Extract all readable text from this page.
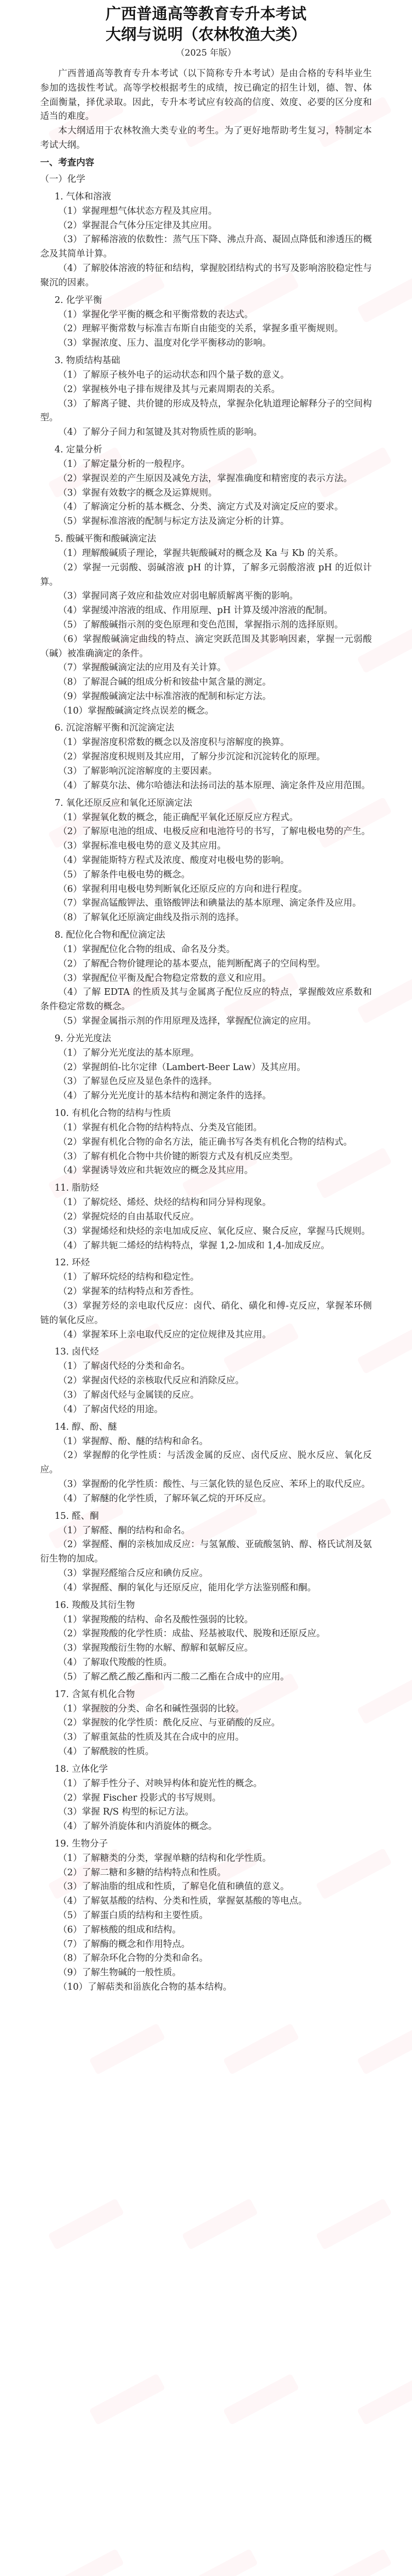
广西普通高等教育专升本考试
大纲与说明（农林牧渔大类）
（2025 年版）

广西普通高等教育专升本考试（以下简称专升本考试）是由合格的专科毕业生参加的选拔性考试。高等学校根据考生的成绩，按已确定的招生计划，德、智、体全面衡量，择优录取。因此，专升本考试应有较高的信度、效度、必要的区分度和适当的难度。

本大纲适用于农林牧渔大类专业的考生。为了更好地帮助考生复习，特制定本考试大纲。

一、考查内容
（一）化学
1. 气体和溶液

（1）掌握理想气体状态方程及其应用。

（2）掌握混合气体分压定律及其应用。

（3）了解稀溶液的依数性：蒸气压下降、沸点升高、凝固点降低和渗透压的概念及其简单计算。

（4）了解胶体溶液的特征和结构，掌握胶团结构式的书写及影响溶胶稳定性与聚沉的因素。

2. 化学平衡

（1）掌握化学平衡的概念和平衡常数的表达式。

（2）理解平衡常数与标准吉布斯自由能变的关系，掌握多重平衡规则。

（3）掌握浓度、压力、温度对化学平衡移动的影响。

3. 物质结构基础

（1）了解原子核外电子的运动状态和四个量子数的意义。

（2）掌握核外电子排布规律及其与元素周期表的关系。

（3）了解离子键、共价键的形成及特点，掌握杂化轨道理论解释分子的空间构型。

（4）了解分子间力和氢键及其对物质性质的影响。

4. 定量分析

（1）了解定量分析的一般程序。

（2）掌握误差的产生原因及减免方法，掌握准确度和精密度的表示方法。

（3）掌握有效数字的概念及运算规则。

（4）了解滴定分析的基本概念、分类、滴定方式及对滴定反应的要求。

（5）掌握标准溶液的配制与标定方法及滴定分析的计算。

5. 酸碱平衡和酸碱滴定法

（1）理解酸碱质子理论，掌握共轭酸碱对的概念及 Ka 与 Kb 的关系。

（2）掌握一元弱酸、弱碱溶液 pH 的计算，了解多元弱酸溶液 pH 的近似计算。

（3）掌握同离子效应和盐效应对弱电解质解离平衡的影响。

（4）掌握缓冲溶液的组成、作用原理、pH 计算及缓冲溶液的配制。

（5）了解酸碱指示剂的变色原理和变色范围，掌握指示剂的选择原则。

（6）掌握酸碱滴定曲线的特点、滴定突跃范围及其影响因素，掌握一元弱酸（碱）被准确滴定的条件。

（7）掌握酸碱滴定法的应用及有关计算。

（8）了解混合碱的组成分析和铵盐中氮含量的测定。

（9）掌握酸碱滴定法中标准溶液的配制和标定方法。

（10）掌握酸碱滴定终点误差的概念。

6. 沉淀溶解平衡和沉淀滴定法

（1）掌握溶度积常数的概念以及溶度积与溶解度的换算。

（2）掌握溶度积规则及其应用，了解分步沉淀和沉淀转化的原理。

（3）了解影响沉淀溶解度的主要因素。

（4）了解莫尔法、佛尔哈德法和法扬司法的基本原理、滴定条件及应用范围。

7. 氧化还原反应和氧化还原滴定法

（1）掌握氧化数的概念，能正确配平氧化还原反应方程式。

（2）了解原电池的组成、电极反应和电池符号的书写，了解电极电势的产生。

（3）掌握标准电极电势的意义及其应用。

（4）掌握能斯特方程式及浓度、酸度对电极电势的影响。

（5）了解条件电极电势的概念。

（6）掌握利用电极电势判断氧化还原反应的方向和进行程度。

（7）掌握高锰酸钾法、重铬酸钾法和碘量法的基本原理、滴定条件及应用。

（8）了解氧化还原滴定曲线及指示剂的选择。

8. 配位化合物和配位滴定法

（1）掌握配位化合物的组成、命名及分类。

（2）了解配合物价键理论的基本要点，能判断配离子的空间构型。

（3）掌握配位平衡及配合物稳定常数的意义和应用。

（4）了解 EDTA 的性质及其与金属离子配位反应的特点，掌握酸效应系数和条件稳定常数的概念。

（5）掌握金属指示剂的作用原理及选择，掌握配位滴定的应用。

9. 分光光度法

（1）了解分光光度法的基本原理。

（2）掌握朗伯-比尔定律（Lambert-Beer Law）及其应用。

（3）了解显色反应及显色条件的选择。

（4）了解分光光度计的基本结构和测定条件的选择。

10. 有机化合物的结构与性质

（1）掌握有机化合物的结构特点、分类及官能团。

（2）掌握有机化合物的命名方法，能正确书写各类有机化合物的结构式。

（3）了解有机化合物中共价键的断裂方式及有机反应类型。

（4）掌握诱导效应和共轭效应的概念及其应用。

11. 脂肪烃

（1）了解烷烃、烯烃、炔烃的结构和同分异构现象。

（2）掌握烷烃的自由基取代反应。

（3）掌握烯烃和炔烃的亲电加成反应、氧化反应、聚合反应，掌握马氏规则。

（4）了解共轭二烯烃的结构特点，掌握 1,2-加成和 1,4-加成反应。

12. 环烃

（1）了解环烷烃的结构和稳定性。

（2）掌握苯的结构特点和芳香性。

（3）掌握芳烃的亲电取代反应：卤代、硝化、磺化和傅-克反应，掌握苯环侧链的氧化反应。

（4）掌握苯环上亲电取代反应的定位规律及其应用。

13. 卤代烃

（1）了解卤代烃的分类和命名。

（2）掌握卤代烃的亲核取代反应和消除反应。

（3）了解卤代烃与金属镁的反应。

（4）了解卤代烃的用途。

14. 醇、酚、醚

（1）掌握醇、酚、醚的结构和命名。

（2）掌握醇的化学性质：与活泼金属的反应、卤代反应、脱水反应、氧化反应。

（3）掌握酚的化学性质：酸性、与三氯化铁的显色反应、苯环上的取代反应。

（4）了解醚的化学性质，了解环氧乙烷的开环反应。

15. 醛、酮

（1）了解醛、酮的结构和命名。

（2）掌握醛、酮的亲核加成反应：与氢氰酸、亚硫酸氢钠、醇、格氏试剂及氨衍生物的加成。

（3）掌握羟醛缩合反应和碘仿反应。

（4）掌握醛、酮的氧化与还原反应，能用化学方法鉴别醛和酮。

16. 羧酸及其衍生物

（1）掌握羧酸的结构、命名及酸性强弱的比较。

（2）掌握羧酸的化学性质：成盐、羟基被取代、脱羧和还原反应。

（3）掌握羧酸衍生物的水解、醇解和氨解反应。

（4）了解取代羧酸的性质。

（5）了解乙酰乙酸乙酯和丙二酸二乙酯在合成中的应用。

17. 含氮有机化合物

（1）掌握胺的分类、命名和碱性强弱的比较。

（2）掌握胺的化学性质：酰化反应、与亚硝酸的反应。

（3）了解重氮盐的性质及其在合成中的应用。

（4）了解酰胺的性质。

18. 立体化学

（1）了解手性分子、对映异构体和旋光性的概念。

（2）掌握 Fischer 投影式的书写规则。

（3）掌握 R/S 构型的标记方法。

（4）了解外消旋体和内消旋体的概念。

19. 生物分子

（1）了解糖类的分类，掌握单糖的结构和化学性质。

（2）了解二糖和多糖的结构特点和性质。

（3）了解油脂的组成和性质，了解皂化值和碘值的意义。

（4）了解氨基酸的结构、分类和性质，掌握氨基酸的等电点。

（5）了解蛋白质的结构和主要性质。

（6）了解核酸的组成和结构。

（7）了解酶的概念和作用特点。

（8）了解杂环化合物的分类和命名。

（9）了解生物碱的一般性质。

（10）了解萜类和甾族化合物的基本结构。
